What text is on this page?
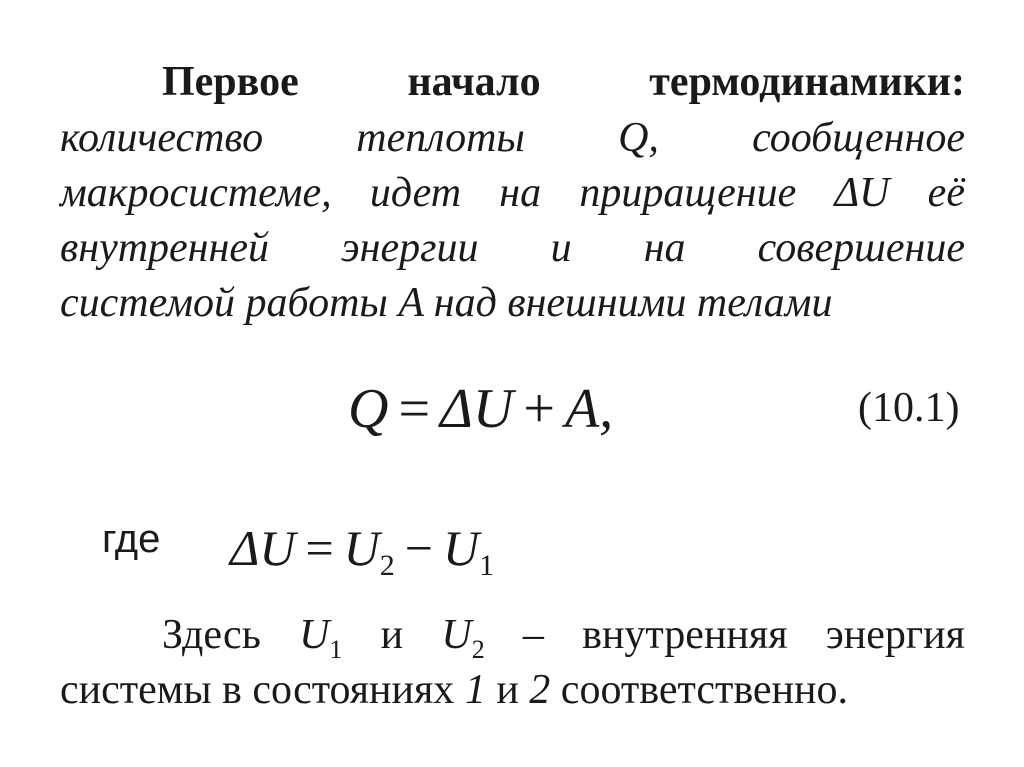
Первое	начало	термодинамики:
количество теплоты Q, сообщенное
макросистеме, идет на приращение ΔU её
внутренней энергии и на совершение
системой работы A над внешними телами
Q = ΔU + A,	(10.1)
где $\Delta U = U_2 - U_1$
Здесь $U_1$ и $U_2$ – внутренняя энергия
системы в состояниях 1 и 2 соответственно.
